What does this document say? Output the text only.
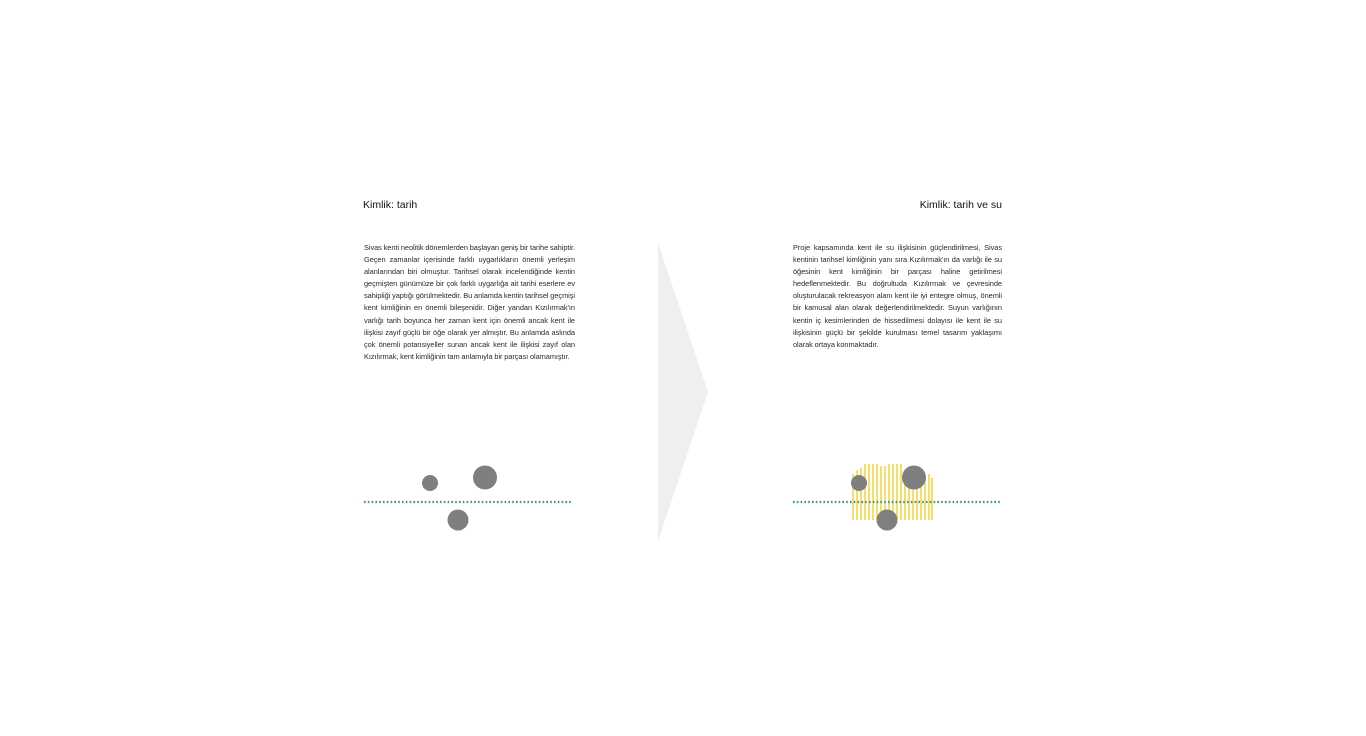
Kimlik: tarih
Sivas kenti neolitik dönemlerden başlayan geniş bir tarihe sahiptir. Geçen zamanlar içerisinde farklı uygarlıkların önemli yerleşim alanlarından biri olmuştur. Tarihsel olarak incelendiğinde kentin geçmişten günümüze bir çok farklı uygarlığa ait tarihi eserlere ev sahipliği yaptığı görülmektedir. Bu anlamda kentin tarihsel geçmişi kent kimliğinin en önemli bileşenidir. Diğer yandan Kızılırmak'ın varlığı tarih boyunca her zaman kent için önemli ancak kent ile ilişkisi zayıf güçlü bir öğe olarak yer almıştır. Bu anlamda aslında çok önemli potansiyeller sunan ancak kent ile ilişkisi zayıf olan Kızılırmak, kent kimliğinin tam anlamıyla bir parçası olamamıştır.
Kimlik: tarih ve su
Proje kapsamında kent ile su ilişkisinin güçlendirilmesi, Sivas kentinin tarihsel kimliğinin yanı sıra Kızılırmak'ın da varlığı ile su öğesinin kent kimliğinin bir parçası haline getirilmesi hedeflenmektedir. Bu doğrultuda Kızılırmak ve çevresinde oluşturulacak rekreasyon alanı kent ile iyi entegre olmuş, önemli bir kamusal alan olarak değerlendirilmektedir. Suyun varlığının kentin iç kesimlerinden de hissedilmesi dolayısı ile kent ile su ilişkisinin güçlü bir şekilde kurulması temel tasarım yaklaşımı olarak ortaya konmaktadır.
